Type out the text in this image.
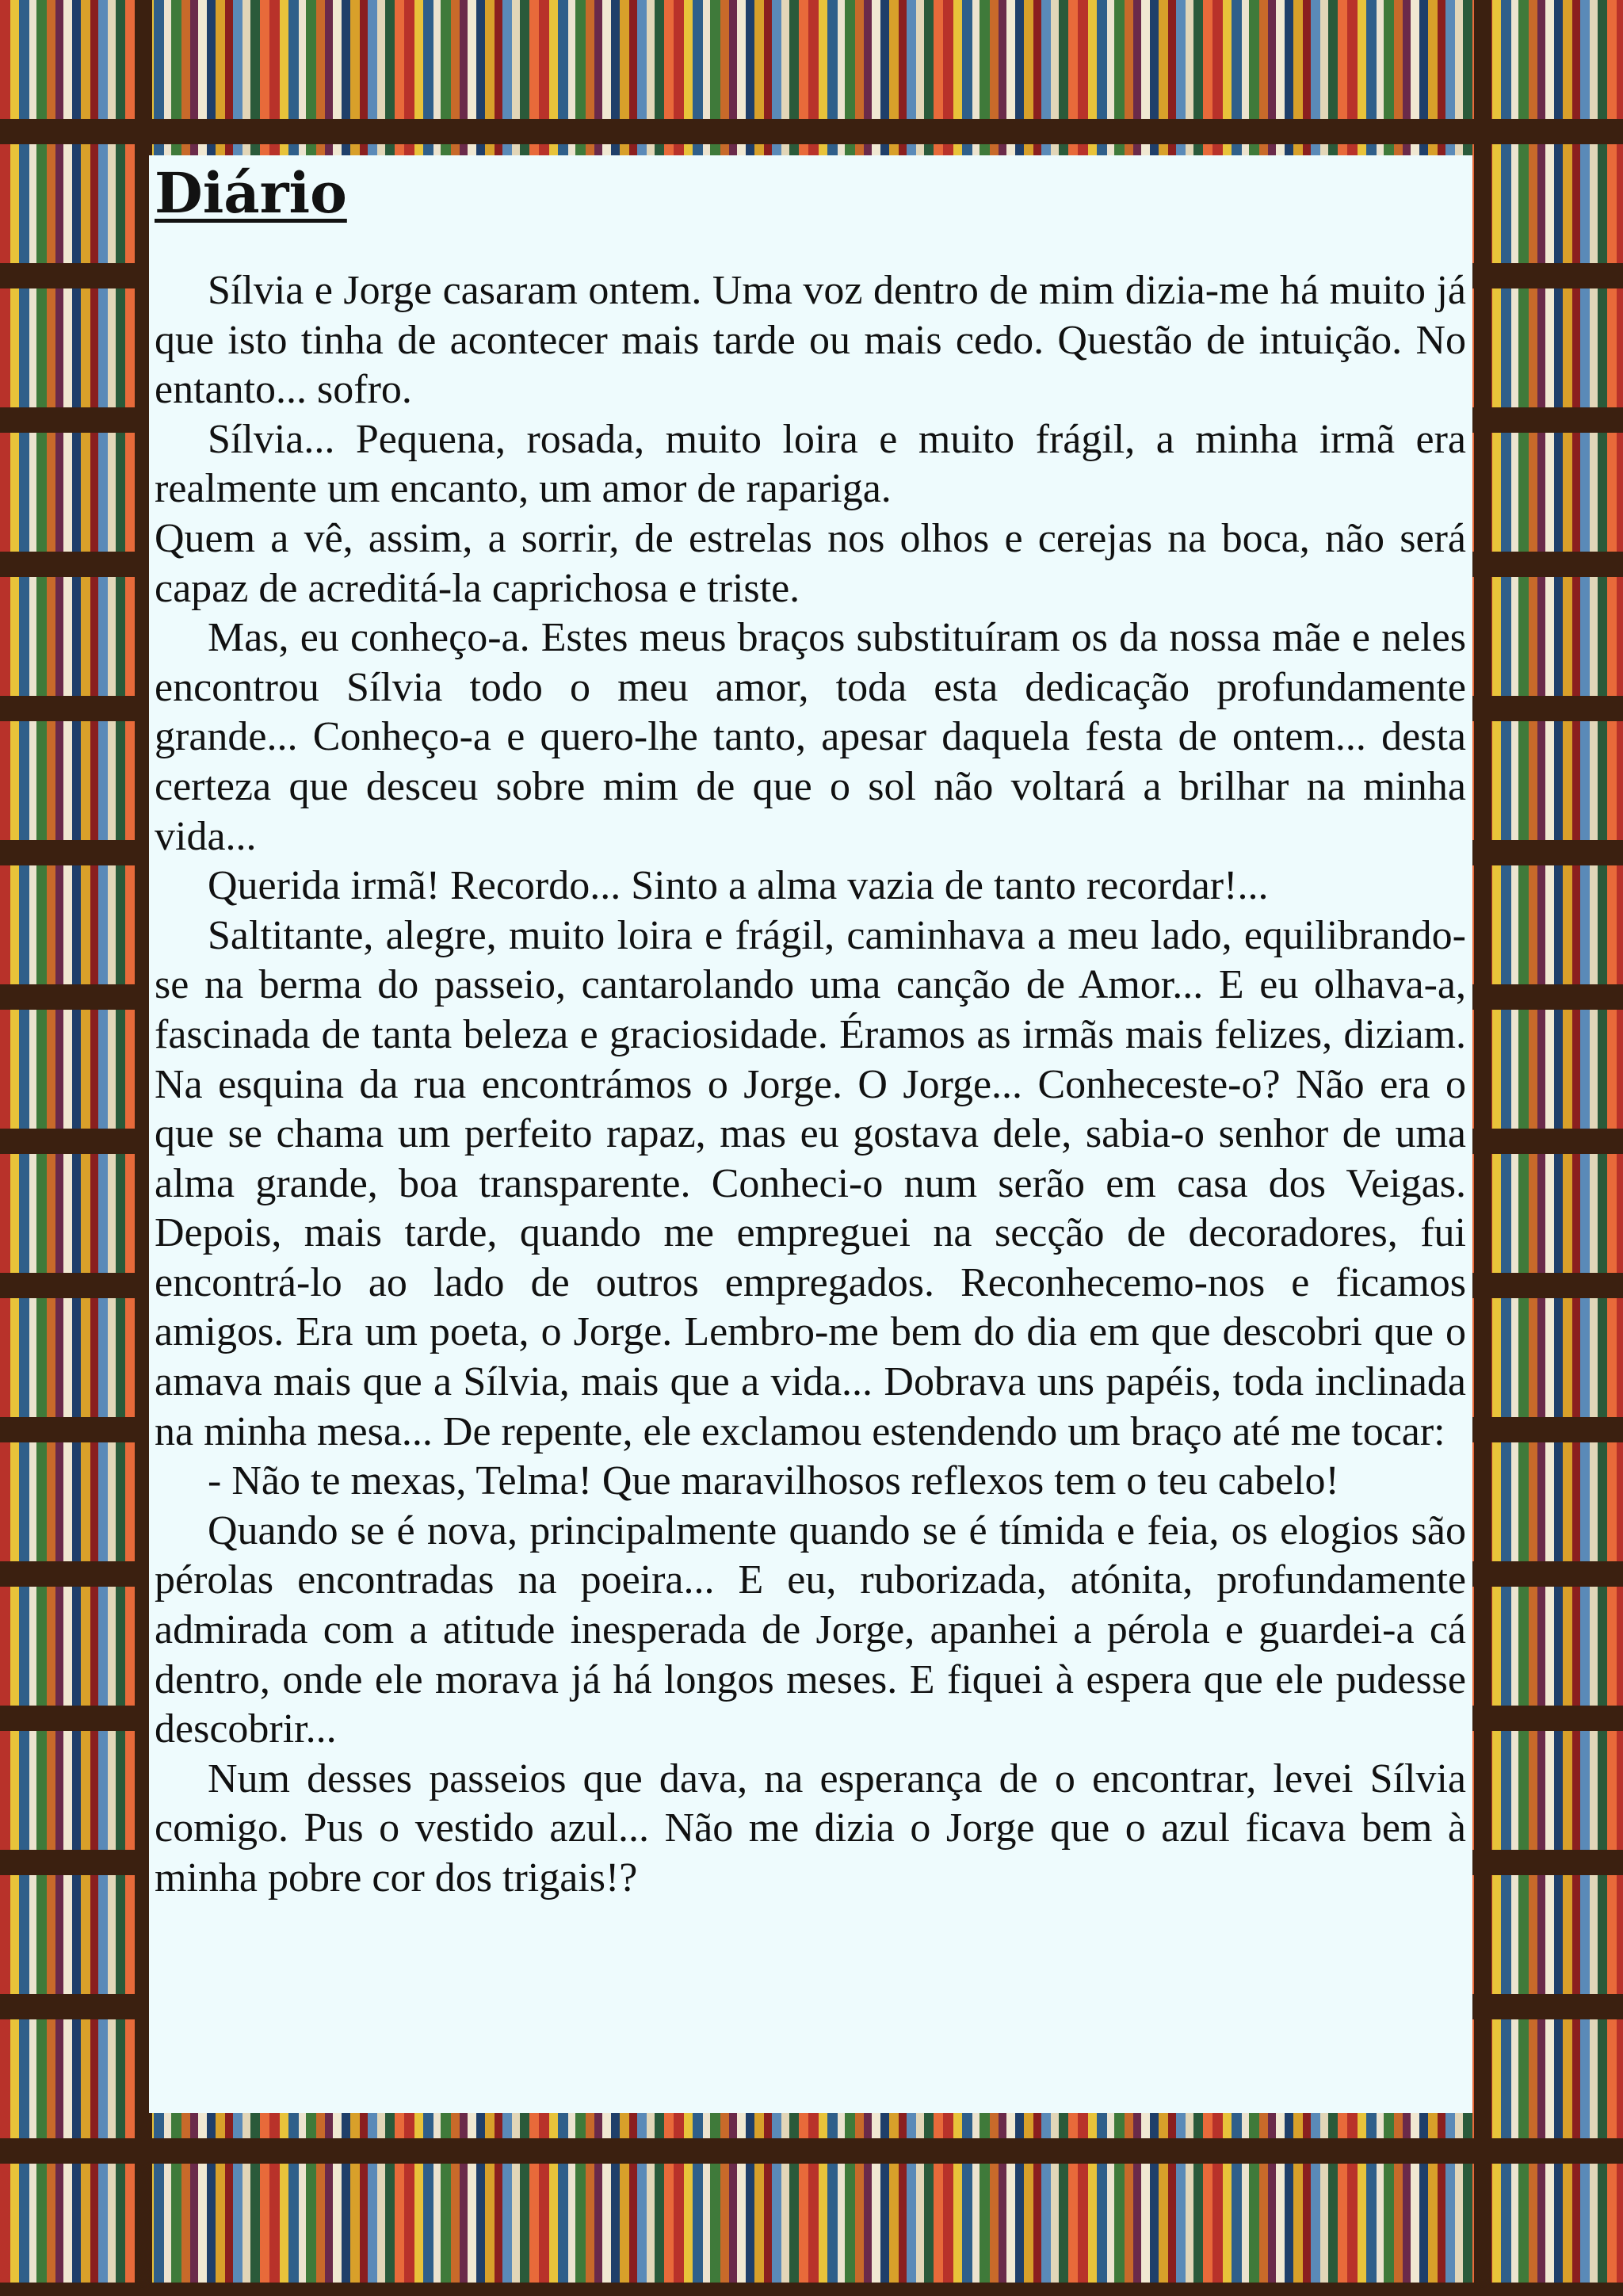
Diário

Sílvia e Jorge casaram ontem. Uma voz dentro de mim dizia-me há muito já que isto tinha de acontecer mais tarde ou mais cedo. Questão de intuição. No entanto... sofro.

Sílvia... Pequena, rosada, muito loira e muito frágil, a minha irmã era realmente um encanto, um amor de rapariga.

Quem a vê, assim, a sorrir, de estrelas nos olhos e cerejas na boca, não será capaz de acreditá-la caprichosa e triste.

Mas, eu conheço-a. Estes meus braços substituíram os da nossa mãe e neles encontrou Sílvia todo o meu amor, toda esta dedicação profundamente grande... Conheço-a e quero-lhe tanto, apesar daquela festa de ontem... desta certeza que desceu sobre mim de que o sol não voltará a brilhar na minha vida...

Querida irmã! Recordo... Sinto a alma vazia de tanto recordar!...

Saltitante, alegre, muito loira e frágil, caminhava a meu lado, equilibrando-se na berma do passeio, cantarolando uma canção de Amor... E eu olhava-a, fascinada de tanta beleza e graciosidade. Éramos as irmãs mais felizes, diziam. Na esquina da rua encontrámos o Jorge. O Jorge... Conheceste-o? Não era o que se chama um perfeito rapaz, mas eu gostava dele, sabia-o senhor de uma alma grande, boa transparente. Conheci-o num serão em casa dos Veigas. Depois, mais tarde, quando me empreguei na secção de decoradores, fui encontrá-lo ao lado de outros empregados. Reconhecemo-nos e ficamos amigos. Era um poeta, o Jorge. Lembro-me bem do dia em que descobri que o amava mais que a Sílvia, mais que a vida... Dobrava uns papéis, toda inclinada na minha mesa... De repente, ele exclamou estendendo um braço até me tocar:

- Não te mexas, Telma! Que maravilhosos reflexos tem o teu cabelo!

Quando se é nova, principalmente quando se é tímida e feia, os elogios são pérolas encontradas na poeira... E eu, ruborizada, atónita, profundamente admirada com a atitude inesperada de Jorge, apanhei a pérola e guardei-a cá dentro, onde ele morava já há longos meses. E fiquei à espera que ele pudesse descobrir...

Num desses passeios que dava, na esperança de o encontrar, levei Sílvia comigo. Pus o vestido azul... Não me dizia o Jorge que o azul ficava bem à minha pobre cor dos trigais!?
